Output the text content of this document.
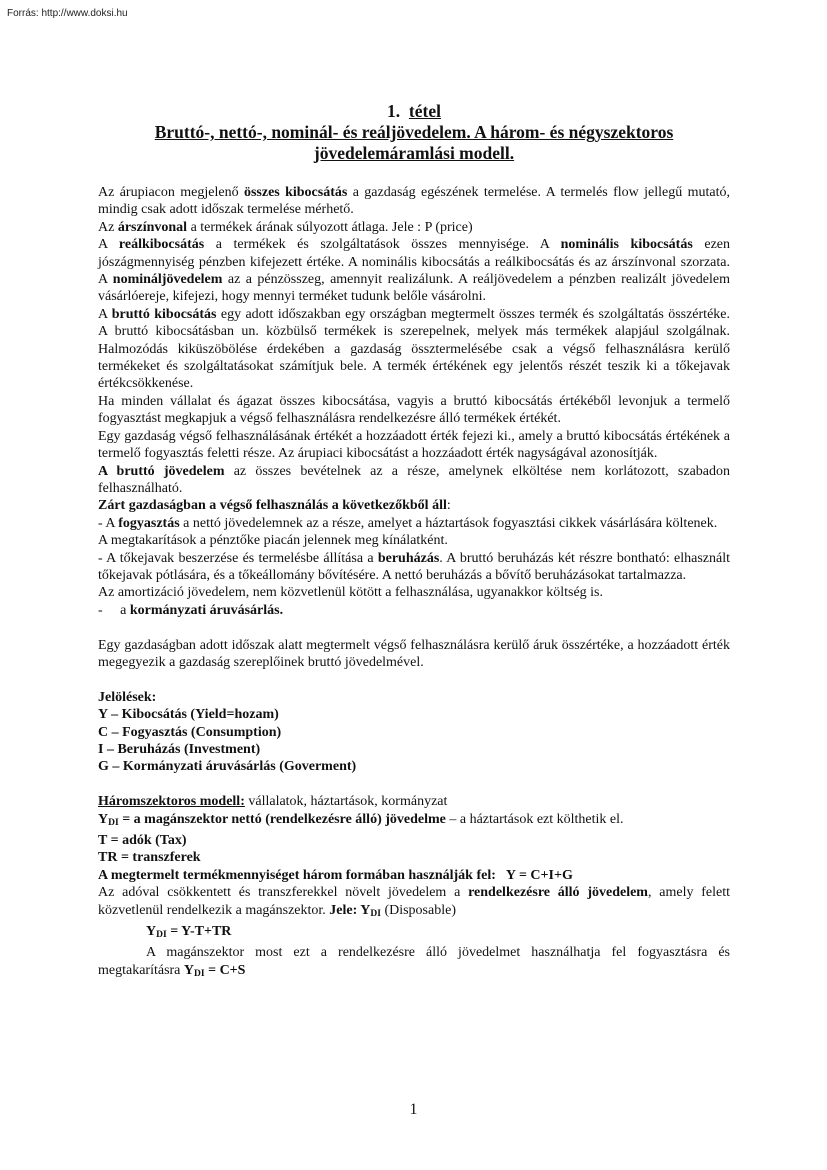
Forrás: http://www.doksi.hu
1. tétel
Bruttó-, nettó-, nominál- és reáljövedelem. A három- és négyszektoros
jövedelemáramlási modell.

Az árupiacon megjelenő összes kibocsátás a gazdaság egészének termelése. A termelés flow jellegű mutató, mindig csak adott időszak termelése mérhető.

Az árszínvonal a termékek árának súlyozott átlaga. Jele : P (price)

A reálkibocsátás a termékek és szolgáltatások összes mennyisége. A nominális kibocsátás ezen jószágmennyiség pénzben kifejezett értéke. A nominális kibocsátás a reálkibocsátás és az árszínvonal szorzata. A nominálјövedelem az a pénzösszeg, amennyit realizálunk. A reáljövedelem a pénzben realizált jövedelem vásárlóereje, kifejezi, hogy mennyi terméket tudunk belőle vásárolni.

A bruttó kibocsátás egy adott időszakban egy országban megtermelt összes termék és szolgáltatás összértéke. A bruttó kibocsátásban un. közbülső termékek is szerepelnek, melyek más termékek alapjául szolgálnak. Halmozódás kiküszöbölése érdekében a gazdaság össztermelésébe csak a végső felhasználásra kerülő termékeket és szolgáltatásokat számítjuk bele. A termék értékének egy jelentős részét teszik ki a tőkejavak értékcsökkenése.

Ha minden vállalat és ágazat összes kibocsátása, vagyis a bruttó kibocsátás értékéből levonjuk a termelő fogyasztást megkapjuk a végső felhasználásra rendelkezésre álló termékek értékét.

Egy gazdaság végső felhasználásának értékét a hozzáadott érték fejezi ki., amely a bruttó kibocsátás értékének a termelő fogyasztás feletti része. Az árupiaci kibocsátást a hozzáadott érték nagyságával azonosítják.

A bruttó jövedelem az összes bevételnek az a része, amelynek elköltése nem korlátozott, szabadon felhasználható.

Zárt gazdaságban a végső felhasználás a következőkből áll:

- A fogyasztás a nettó jövedelemnek az a része, amelyet a háztartások fogyasztási cikkek vásárlására költenek.

A megtakarítások a pénztőke piacán jelennek meg kínálatként.

- A tőkejavak beszerzése és termelésbe állítása a beruházás. A bruttó beruházás két részre bontható: elhasznált tőkejavak pótlására, és a tőkeállomány bővítésére. A nettó beruházás a bővítő beruházásokat tartalmazza.

Az amortizáció jövedelem, nem közvetlenül kötött a felhasználása, ugyanakkor költség is.

-     a kormányzati áruvásárlás.

Egy gazdaságban adott időszak alatt megtermelt végső felhasználásra kerülő áruk összértéke, a hozzáadott érték megegyezik a gazdaság szereplőinek bruttó jövedelmével.

Jelölések:

Y – Kibocsátás (Yield=hozam)

C – Fogyasztás (Consumption)

I – Beruházás (Investment)

G – Kormányzati áruvásárlás (Goverment)

Háromszektoros modell: vállalatok, háztartások, kormányzat

$Y_{DI} = a$ magánszektor nettó (rendelkezésre álló) jövedelme – a háztartások ezt költhetik el.

T = adók (Tax)

TR = transzferek

A megtermelt termékmennyiséget három formában használják fel:   Y = C+I+G

Az adóval csökkentett és transzferekkel növelt jövedelem a rendelkezésre álló jövedelem, amely felett közvetlenül rendelkezik a magánszektor. Jele: $Y_{DI}$ (Disposable)

$Y_{DI} = Y-T+TR$

A magánszektor most ezt a rendelkezésre álló jövedelmet használhatja fel fogyasztásra és megtakarításra $Y_{DI} = C+S$

1
